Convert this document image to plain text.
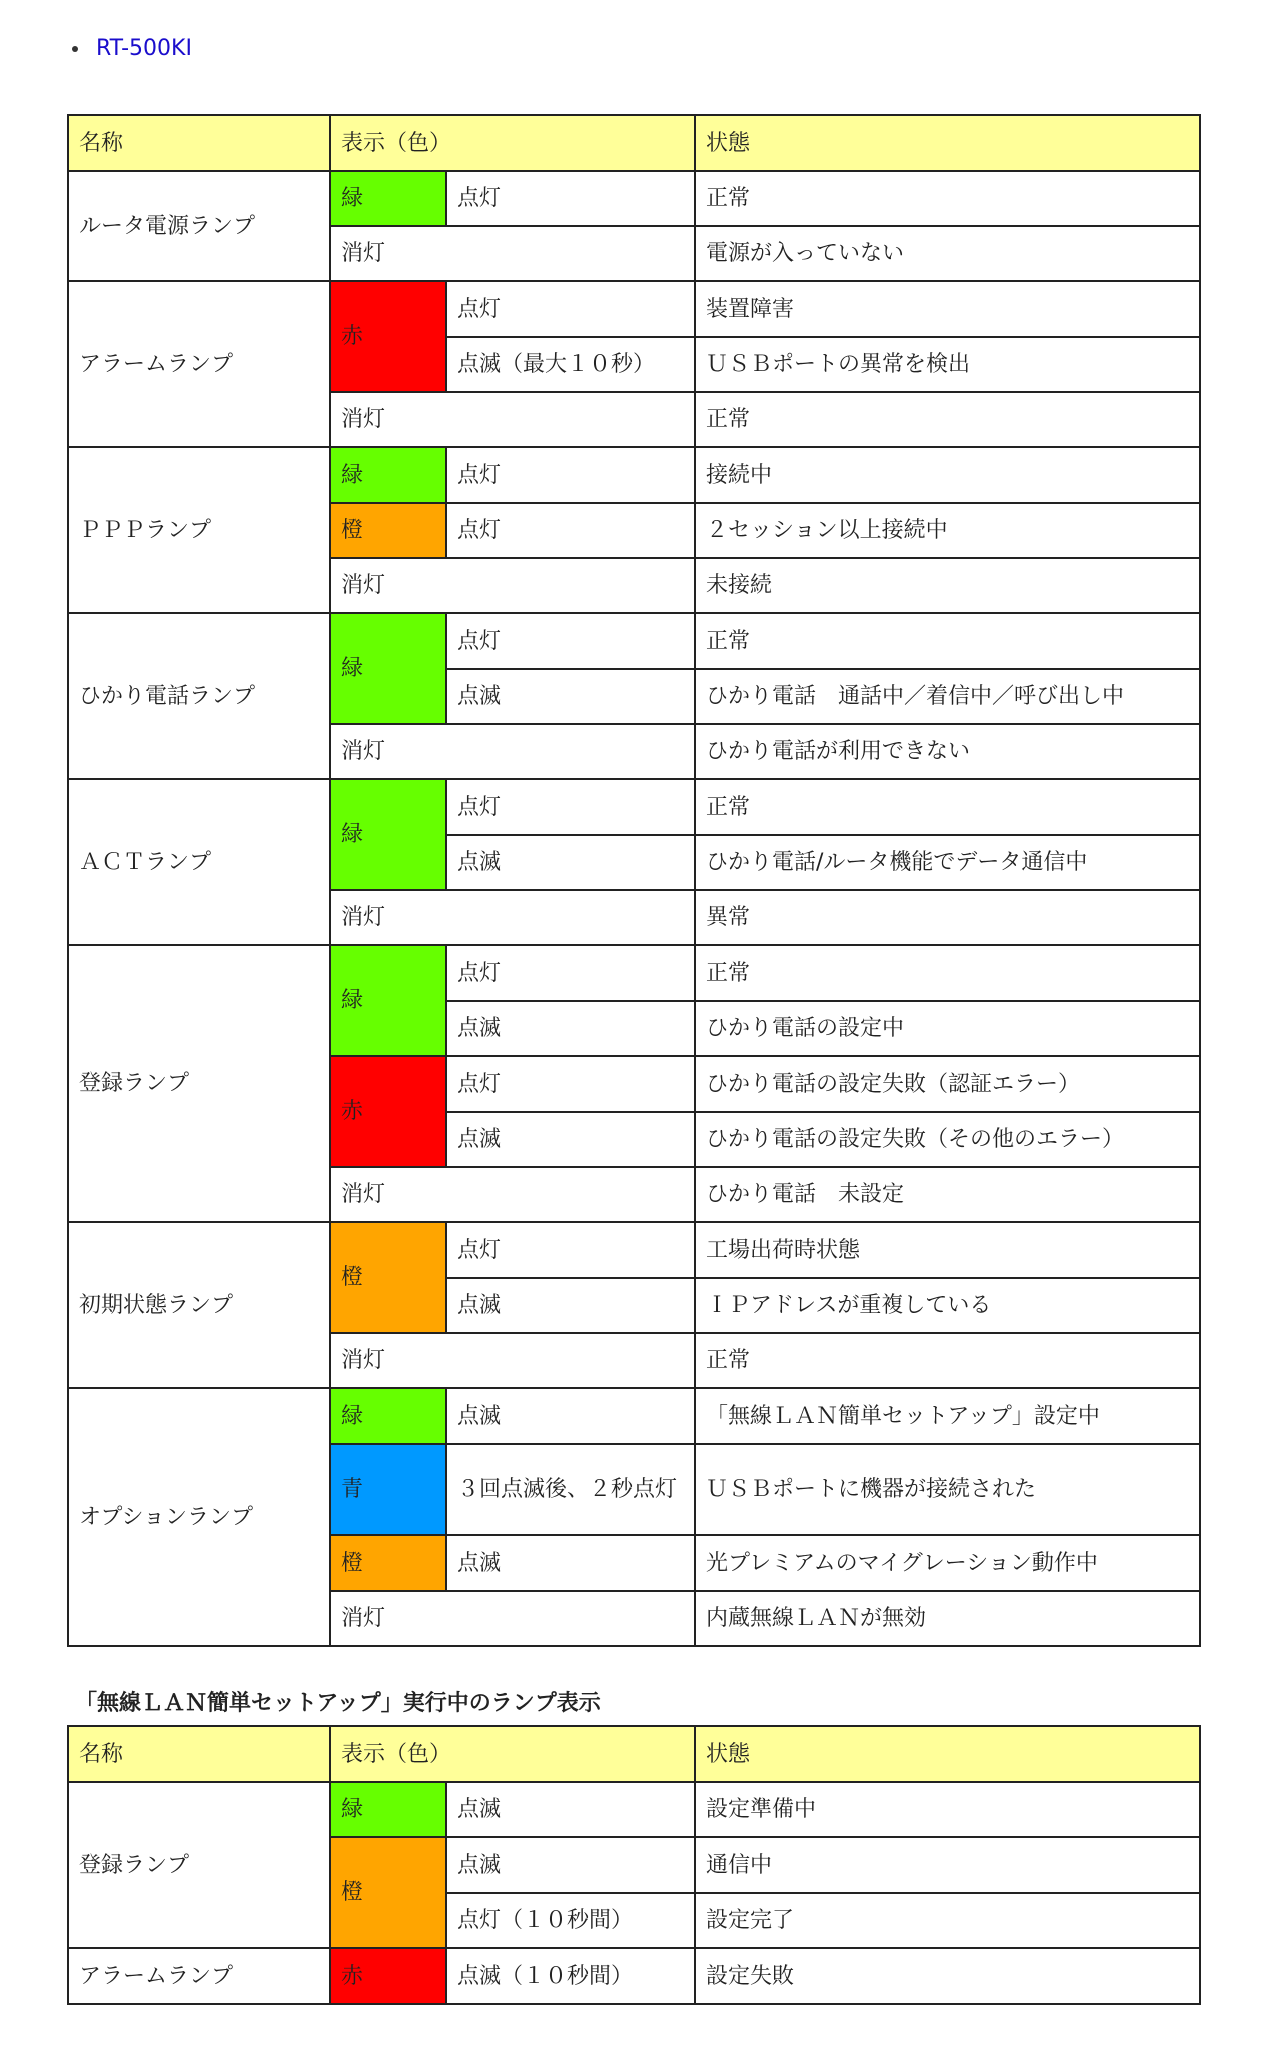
RT-500KI
名称	表示（色）		状態
ルータ電源ランプ	緑	点灯	正常
	消灯		電源が入っていない
アラームランプ	赤	点灯	装置障害
		点滅（最大１０秒）	ＵＳＢポートの異常を検出
	消灯		正常
ＰＰＰランプ	緑	点灯	接続中
	橙	点灯	２セッション以上接続中
	消灯		未接続
ひかり電話ランプ	緑	点灯	正常
		点滅	ひかり電話　通話中／着信中／呼び出し中
	消灯		ひかり電話が利用できない
ＡＣＴランプ	緑	点灯	正常
		点滅	ひかり電話/ルータ機能でデータ通信中
	消灯		異常
登録ランプ	緑	点灯	正常
		点滅	ひかり電話の設定中
	赤	点灯	ひかり電話の設定失敗（認証エラー）
		点滅	ひかり電話の設定失敗（その他のエラー）
	消灯		ひかり電話　未設定
初期状態ランプ	橙	点灯	工場出荷時状態
		点滅	ＩＰアドレスが重複している
	消灯		正常
オプションランプ	緑	点滅	「無線ＬＡＮ簡単セットアップ」設定中
	青	３回点滅後、２秒点灯	ＵＳＢポートに機器が接続された
	橙	点滅	光プレミアムのマイグレーション動作中
	消灯		内蔵無線ＬＡＮが無効
「無線ＬＡＮ簡単セットアップ」実行中のランプ表示
名称	表示（色）		状態
登録ランプ	緑	点滅	設定準備中
	橙	点滅	通信中
		点灯（１０秒間）	設定完了
アラームランプ	赤	点滅（１０秒間）	設定失敗
